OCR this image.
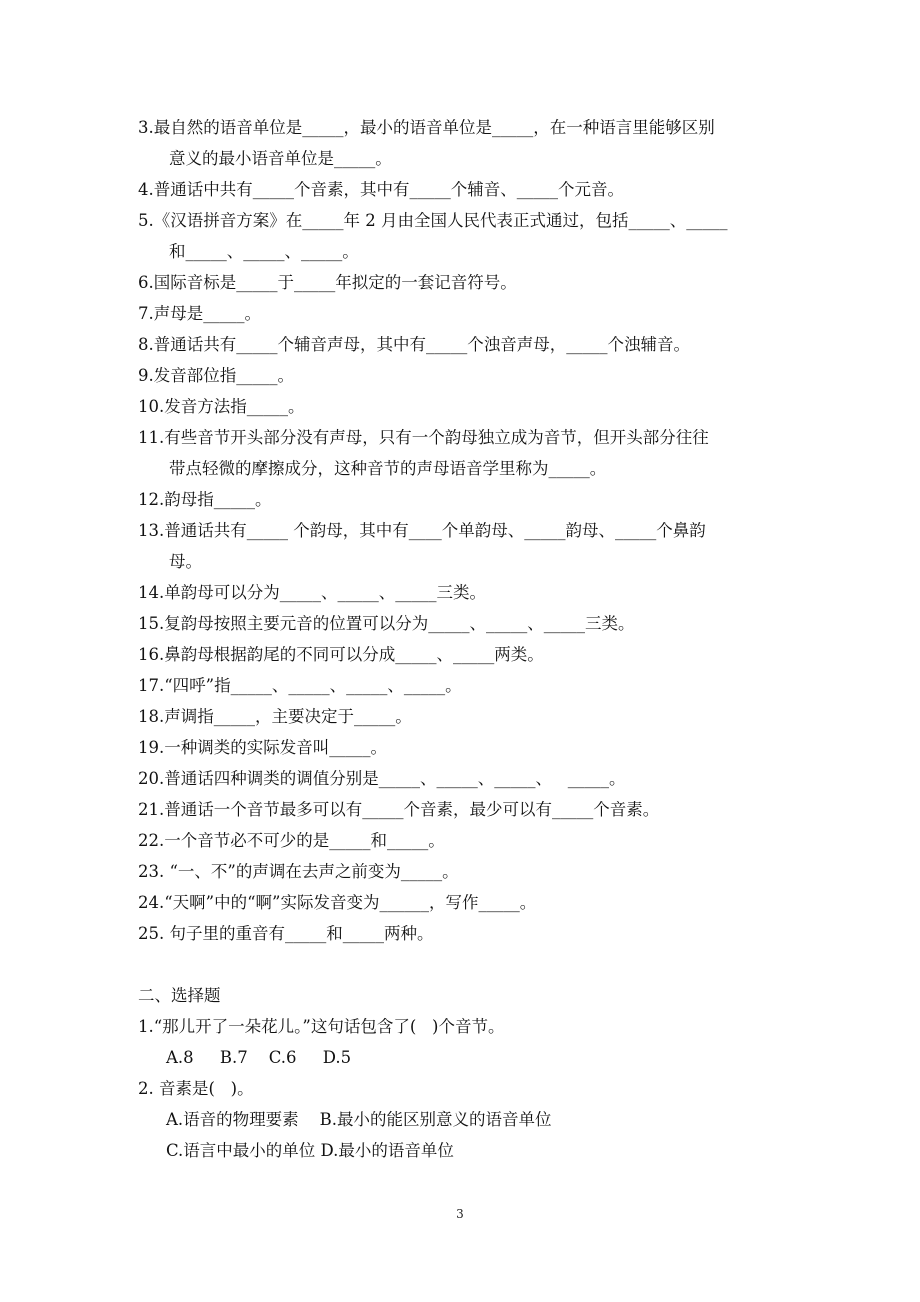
3.最自然的语音单位是_____，最小的语音单位是_____，在一种语言里能够区别
意义的最小语音单位是_____。
4.普通话中共有_____个音素，其中有_____个辅音、_____个元音。
5.《汉语拼音方案》在_____年 2 月由全国人民代表正式通过，包括_____、_____
和_____、_____、_____。
6.国际音标是_____于_____年拟定的一套记音符号。
7.声母是_____。
8.普通话共有_____个辅音声母，其中有_____个浊音声母，_____个浊辅音。
9.发音部位指_____。
10.发音方法指_____。
11.有些音节开头部分没有声母，只有一个韵母独立成为音节，但开头部分往往
带点轻微的摩擦成分，这种音节的声母语音学里称为_____。
12.韵母指_____。
13.普通话共有_____ 个韵母，其中有____个单韵母、_____韵母、_____个鼻韵
母。
14.单韵母可以分为_____、_____、_____三类。
15.复韵母按照主要元音的位置可以分为_____、_____、_____三类。
16.鼻韵母根据韵尾的不同可以分成_____、_____两类。
17.“四呼”指_____、_____、_____、_____。
18.声调指_____，主要决定于_____。
19.一种调类的实际发音叫_____。
20.普通话四种调类的调值分别是_____、_____、_____、   _____。
21.普通话一个音节最多可以有_____个音素，最少可以有_____个音素。
22.一个音节必不可少的是_____和_____。
23. “一、不”的声调在去声之前变为_____。
24.“天啊”中的“啊”实际发音变为______，写作_____。
25. 句子里的重音有_____和_____两种。
二、选择题
1.“那儿开了一朵花儿。”这句话包含了(   )个音节。
A.8     B.7    C.6     D.5
2. 音素是(   )。
A.语音的物理要素    B.最小的能区别意义的语音单位
C.语言中最小的单位 D.最小的语音单位
3
